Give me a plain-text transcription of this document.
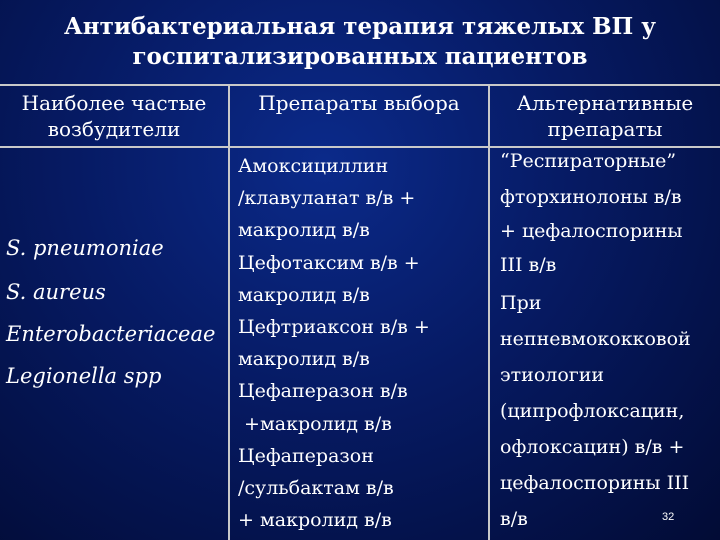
Антибактериальная терапия тяжелых ВП у
госпитализированных пациентов
Наиболее частые
возбудители
Препараты выбора	Альтернативные
препараты
S. pneumoniae
S. aureus
Enterobacteriaceae
Legionella spp
Амоксициллин
/клавуланат в/в +
макролид в/в
Цефотаксим в/в +
макролид в/в
Цефтриаксон в/в +
макролид в/в
Цефаперазон в/в
+макролид в/в
Цефаперазон
/сульбактам в/в
+ макролид в/в
“Респираторные”
фторхинолоны в/в
+ цефалоспорины
III в/в
При
непневмококковой
этиологии
(ципрофлоксацин,
офлоксацин) в/в +
цефалоспорины III
в/в	32
